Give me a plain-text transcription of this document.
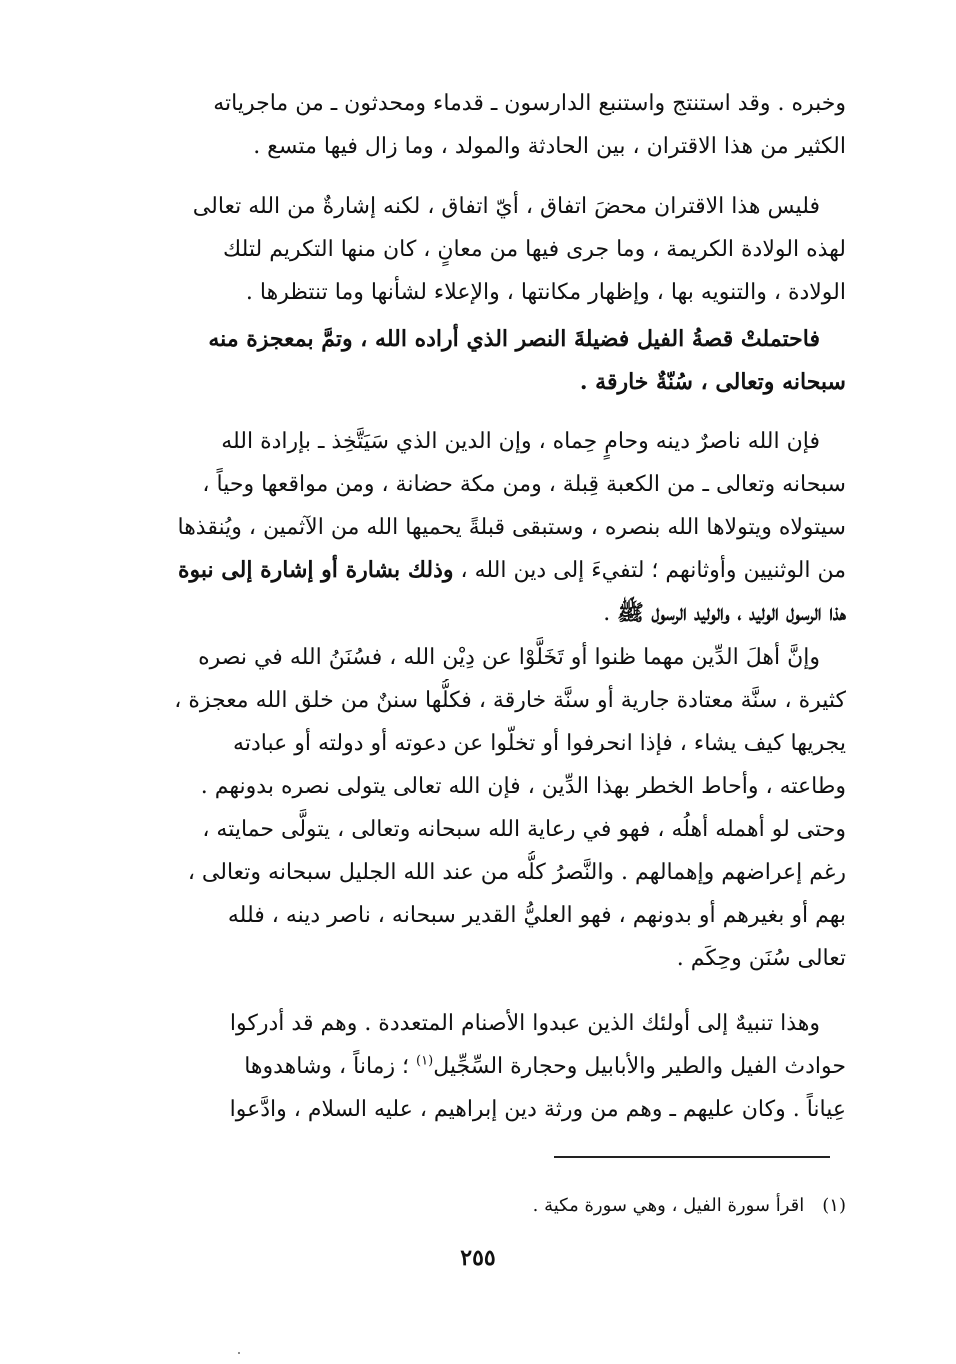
وخبره . وقد استنتج واستنبع الدارسون ـ قدماء ومحدثون ـ من ماجرياته
الكثير من هذا الاقتران ، بين الحادثة والمولد ، وما زال فيها متسع .
فليس هذا الاقتران محضَ اتفاق ، أيّ اتفاق ، لكنه إشارةٌ من الله تعالى
لهذه الولادة الكريمة ، وما جرى فيها من معانٍ ، كان منها التكريم لتلك
الولادة ، والتنويه بها ، وإظهار مكانتها ، والإعلاء لشأنها وما تنتظرها .
فاحتملتْ قصةُ الفيل فضيلةَ النصر الذي أراده الله ، وتمَّ بمعجزة منه
سبحانه وتعالى ، سُنّةٌ خارقة .
فإن الله ناصرٌ دينه وحامٍ حِماه ، وإن الدين الذي سَيَتَّخِذ ـ بإرادة الله
سبحانه وتعالى ـ من الكعبة قِبلة ، ومن مكة حضانة ، ومن مواقعها وحياً ،
سيتولاه ويتولاها الله بنصره ، وستبقى قبلةً يحميها الله من الآثمين ، ويُنقذها
من الوثنيين وأوثانهم ؛ لتفيءَ إلى دين الله ، وذلك بشارة أو إشارة إلى نبوة
هذا الرسول الوليد ، والوليد الرسول ﷺ .
وإنَّ أهلَ الدِّين مهما ظنوا أو تَخَلَّوْا عن دِيْن الله ، فسُنَنُ الله في نصره
كثيرة ، سنَّة معتادة جارية أو سنَّة خارقة ، فكلُّها سننٌ من خلق الله معجزة ،
يجريها كيف يشاء ، فإذا انحرفوا أو تخلّوا عن دعوته أو دولته أو عبادته
وطاعته ، وأحاط الخطر بهذا الدِّين ، فإن الله تعالى يتولى نصره بدونهم .
وحتى لو أهمله أهلُه ، فهو في رعاية الله سبحانه وتعالى ، يتولَّى حمايته ،
رغم إعراضهم وإهمالهم . والنَّصرُ كلُّه من عند الله الجليل سبحانه وتعالى ،
بهم أو بغيرهم أو بدونهم ، فهو العليُّ القدير سبحانه ، ناصر دينه ، فلله
تعالى سُنَن وحِكَم .
وهذا تنبيهٌ إلى أولئك الذين عبدوا الأصنام المتعددة . وهم قد أدركوا
حوادث الفيل والطير والأبابيل وحجارة السِّجِّيل$^{(١)}$ ؛ زماناً ، وشاهدوها
عِياناً . وكان عليهم ـ وهم من ورثة دين إبراهيم ، عليه السلام ، وادَّعوا
(١)اقرأ سورة الفيل ، وهي سورة مكية .
٢٥٥
